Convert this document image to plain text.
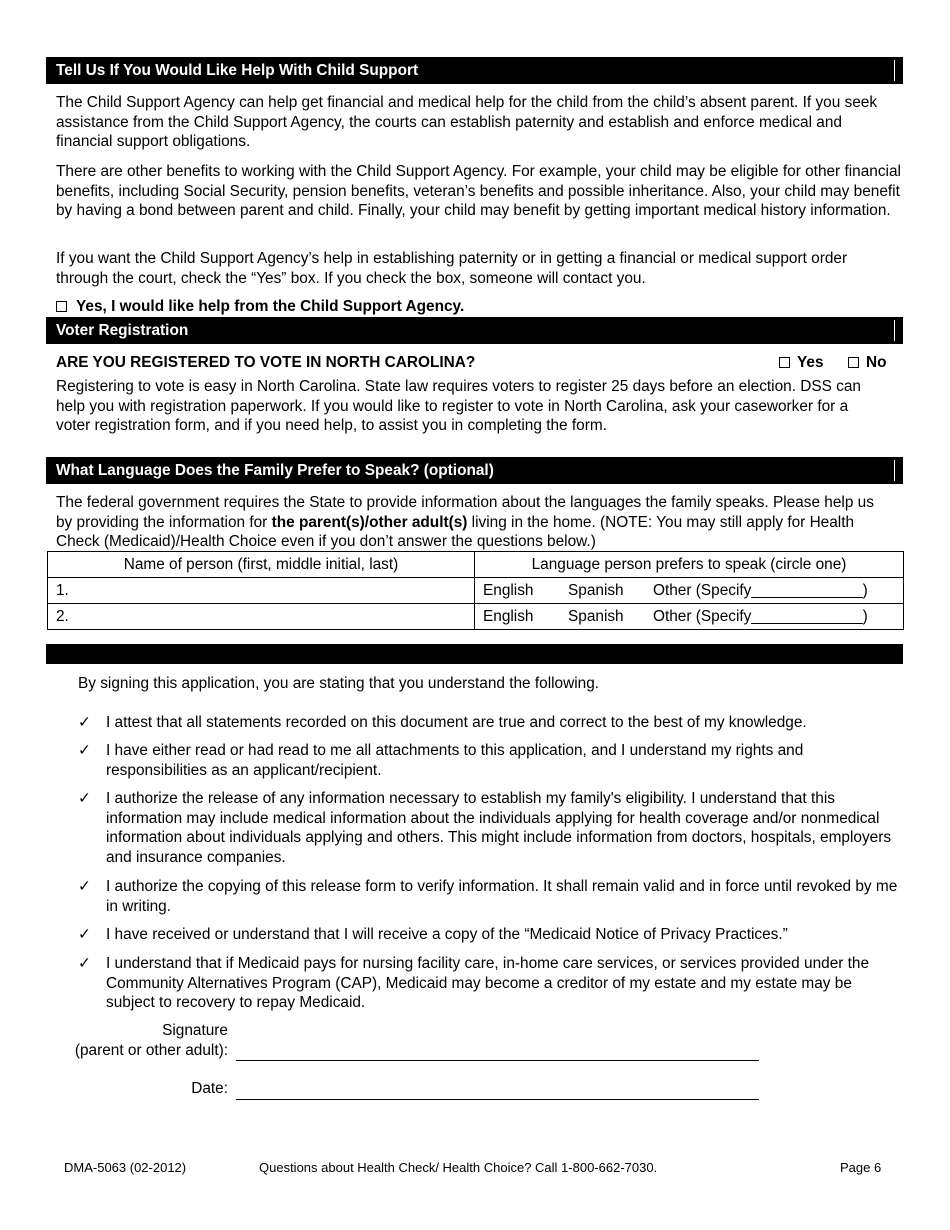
Tell Us If You Would Like Help With Child Support

The Child Support Agency can help get financial and medical help for the child from the child’s absent parent. If you seek assistance from the Child Support Agency, the courts can establish paternity and establish and enforce medical and financial support obligations.

There are other benefits to working with the Child Support Agency. For example, your child may be eligible for other financial benefits, including Social Security, pension benefits, veteran’s benefits and possible inheritance. Also, your child may benefit by having a bond between parent and child. Finally, your child may benefit by getting important medical history information.

If you want the Child Support Agency’s help in establishing paternity or in getting a financial or medical support order through the court, check the “Yes” box. If you check the box, someone will contact you.

Yes, I would like help from the Child Support Agency.
Voter Registration
ARE YOU REGISTERED TO VOTE IN NORTH CAROLINA?	Yes	No

Registering to vote is easy in North Carolina. State law requires voters to register 25 days before an election. DSS can help you with registration paperwork. If you would like to register to vote in North Carolina, ask your caseworker for a voter registration form, and if you need help, to assist you in completing the form.

What Language Does the Family Prefer to Speak? (optional)

The federal government requires the State to provide information about the languages the family speaks. Please help us by providing the information for the parent(s)/other adult(s) living in the home. (NOTE: You may still apply for Health Check (Medicaid)/Health Choice even if you don’t answer the questions below.)

Name of person (first, middle initial, last)	Language person prefers to speak (circle one)
1.	English Spanish Other (Specify_____________)
2.	English Spanish Other (Specify_____________)
By signing this application, you are stating that you understand the following.
✓ I attest that all statements recorded on this document are true and correct to the best of my knowledge.
✓ I have either read or had read to me all attachments to this application, and I understand my rights and responsibilities as an applicant/recipient.
✓ I authorize the release of any information necessary to establish my family's eligibility. I understand that this information may include medical information about the individuals applying for health coverage and/or nonmedical information about individuals applying and others. This might include information from doctors, hospitals, employers and insurance companies.
✓ I authorize the copying of this release form to verify information. It shall remain valid and in force until revoked by me in writing.
✓ I have received or understand that I will receive a copy of the “Medicaid Notice of Privacy Practices.”
✓ I understand that if Medicaid pays for nursing facility care, in-home care services, or services provided under the Community Alternatives Program (CAP), Medicaid may become a creditor of my estate and my estate may be subject to recovery to repay Medicaid.
Signature
(parent or other adult):
Date:
DMA-5063 (02-2012)	Questions about Health Check/ Health Choice? Call 1-800-662-7030.	Page 6
